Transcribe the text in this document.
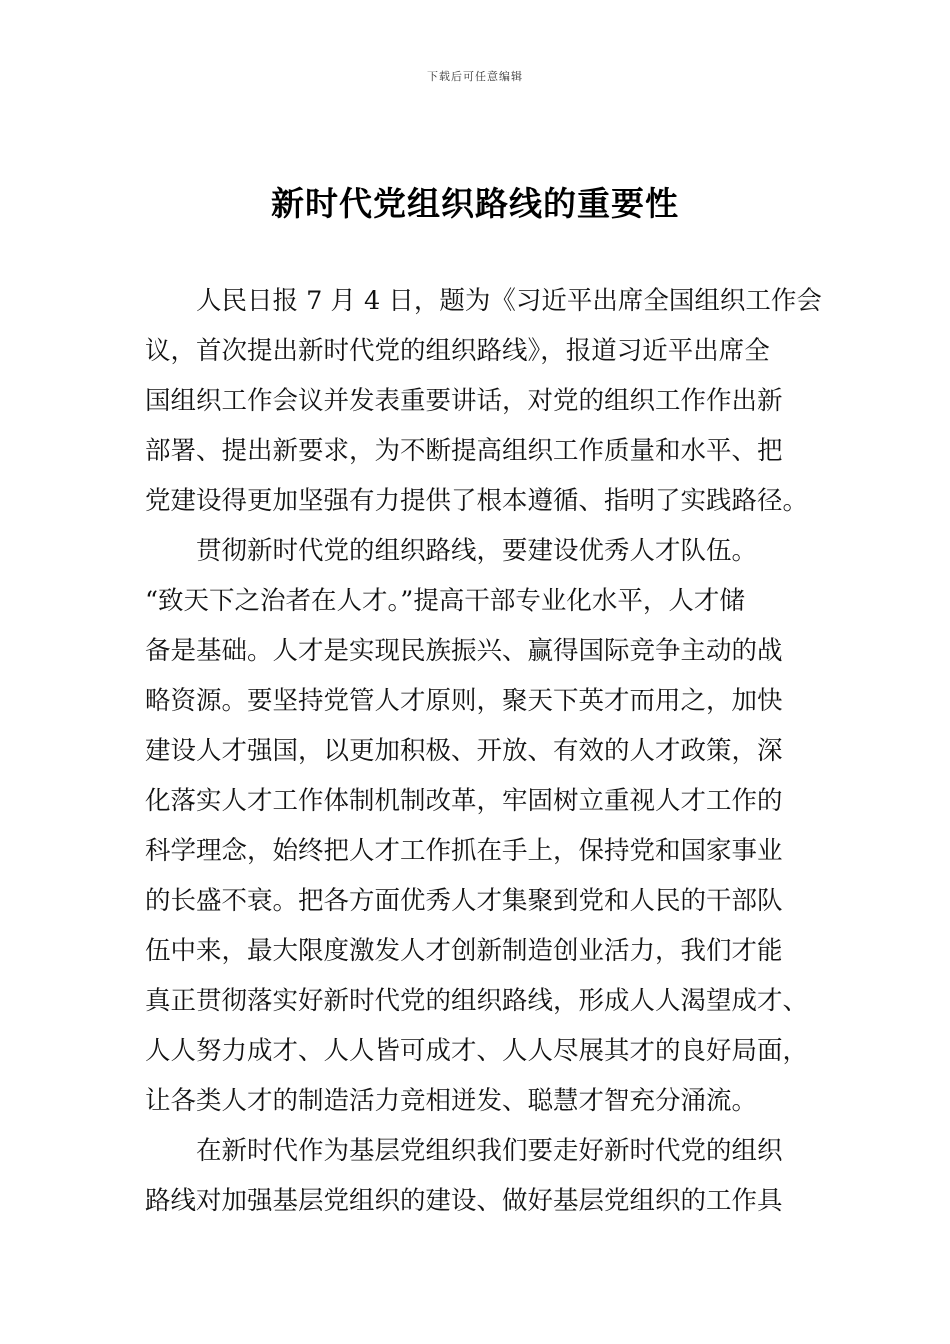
下载后可任意编辑
新时代党组织路线的重要性
人民日报 7 月 4 日，题为《习近平出席全国组织工作会
议，首次提出新时代党的组织路线》，报道习近平出席全
国组织工作会议并发表重要讲话，对党的组织工作作出新
部署、提出新要求，为不断提高组织工作质量和水平、把
党建设得更加坚强有力提供了根本遵循、指明了实践路径。
贯彻新时代党的组织路线，要建设优秀人才队伍。
“致天下之治者在人才。”提高干部专业化水平，人才储
备是基础。人才是实现民族振兴、赢得国际竞争主动的战
略资源。要坚持党管人才原则，聚天下英才而用之，加快
建设人才强国，以更加积极、开放、有效的人才政策，深
化落实人才工作体制机制改革，牢固树立重视人才工作的
科学理念，始终把人才工作抓在手上，保持党和国家事业
的长盛不衰。把各方面优秀人才集聚到党和人民的干部队
伍中来，最大限度激发人才创新制造创业活力，我们才能
真正贯彻落实好新时代党的组织路线，形成人人渴望成才、
人人努力成才、人人皆可成才、人人尽展其才的良好局面，
让各类人才的制造活力竞相迸发、聪慧才智充分涌流。
在新时代作为基层党组织我们要走好新时代党的组织
路线对加强基层党组织的建设、做好基层党组织的工作具
